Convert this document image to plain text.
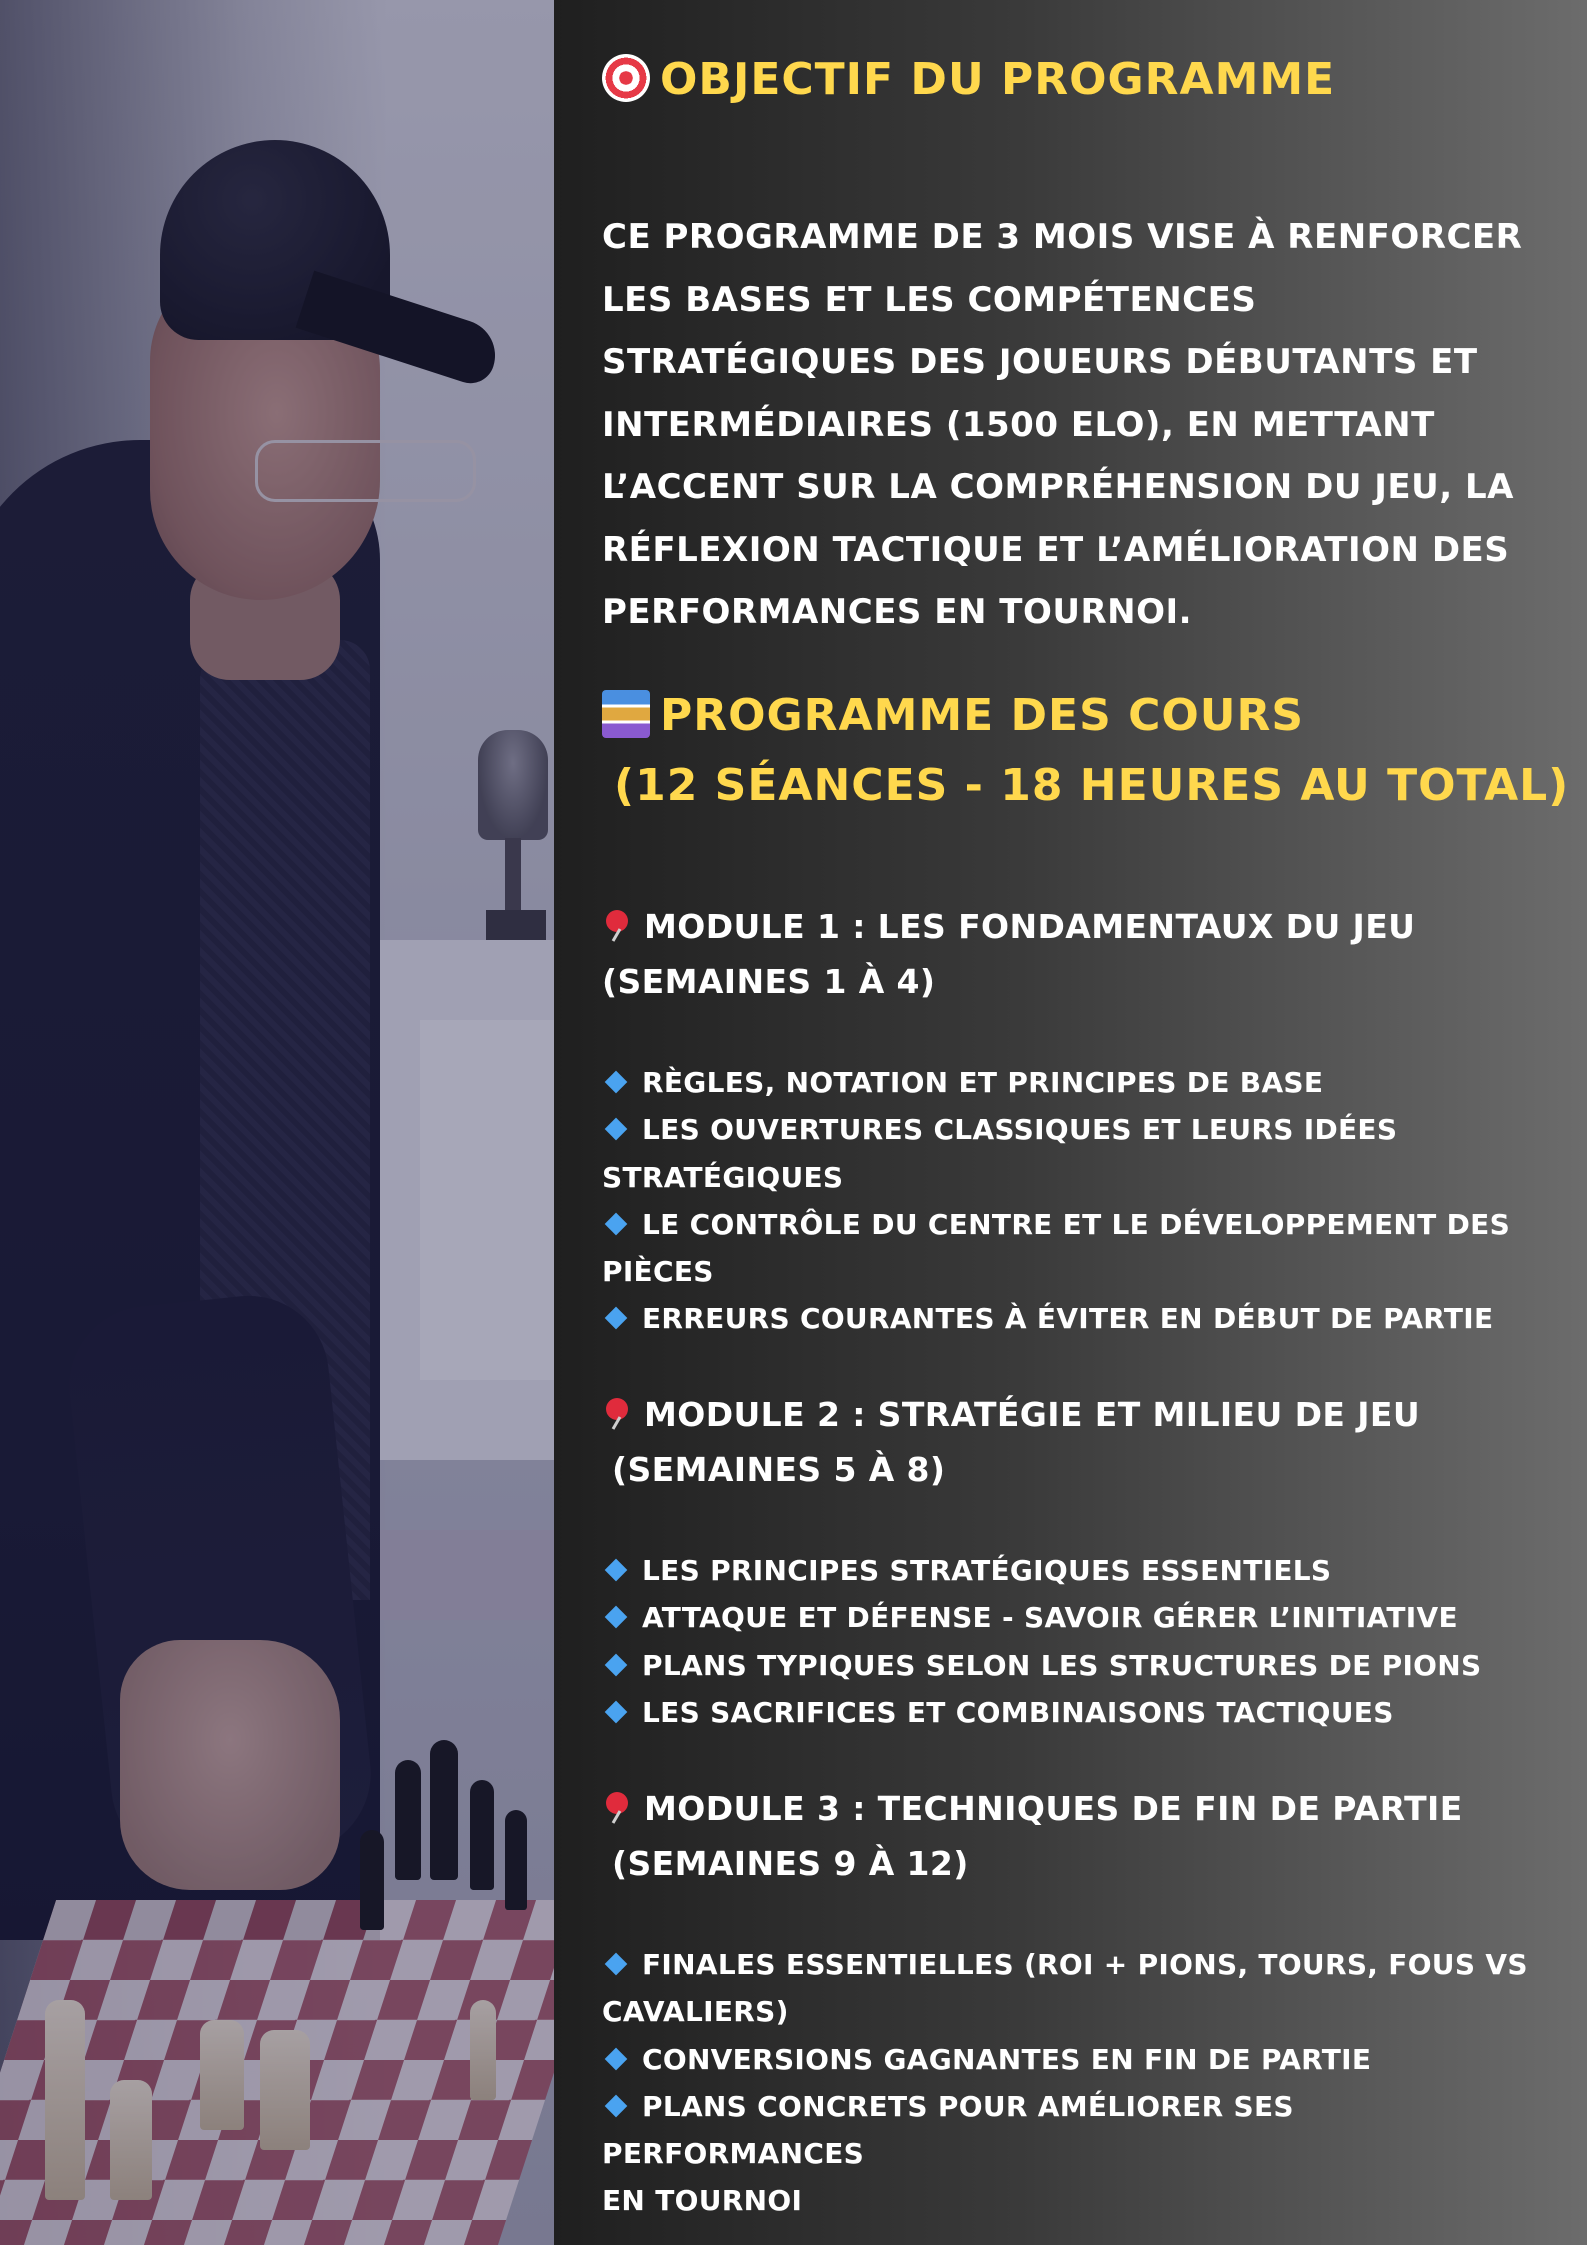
OBJECTIF DU PROGRAMME
CE PROGRAMME DE 3 MOIS VISE À RENFORCER
LES BASES ET LES COMPÉTENCES
STRATÉGIQUES DES JOUEURS DÉBUTANTS ET
INTERMÉDIAIRES (1500 ELO), EN METTANT
L’ACCENT SUR LA COMPRÉHENSION DU JEU, LA
RÉFLEXION TACTIQUE ET L’AMÉLIORATION DES
PERFORMANCES EN TOURNOI.
PROGRAMME DES COURS
(12 SÉANCES - 18 HEURES AU TOTAL)
MODULE 1 : LES FONDAMENTAUX DU JEU
(SEMAINES 1 À 4)
RÈGLES, NOTATION ET PRINCIPES DE BASE
LES OUVERTURES CLASSIQUES ET LEURS IDÉES
STRATÉGIQUES
LE CONTRÔLE DU CENTRE ET LE DÉVELOPPEMENT DES
PIÈCES
ERREURS COURANTES À ÉVITER EN DÉBUT DE PARTIE
MODULE 2 : STRATÉGIE ET MILIEU DE JEU
(SEMAINES 5 À 8)
LES PRINCIPES STRATÉGIQUES ESSENTIELS
ATTAQUE ET DÉFENSE - SAVOIR GÉRER L’INITIATIVE
PLANS TYPIQUES SELON LES STRUCTURES DE PIONS
LES SACRIFICES ET COMBINAISONS TACTIQUES
MODULE 3 : TECHNIQUES DE FIN DE PARTIE
(SEMAINES 9 À 12)
FINALES ESSENTIELLES (ROI + PIONS, TOURS, FOUS VS
CAVALIERS)
CONVERSIONS GAGNANTES EN FIN DE PARTIE
PLANS CONCRETS POUR AMÉLIORER SES PERFORMANCES
EN TOURNOI
